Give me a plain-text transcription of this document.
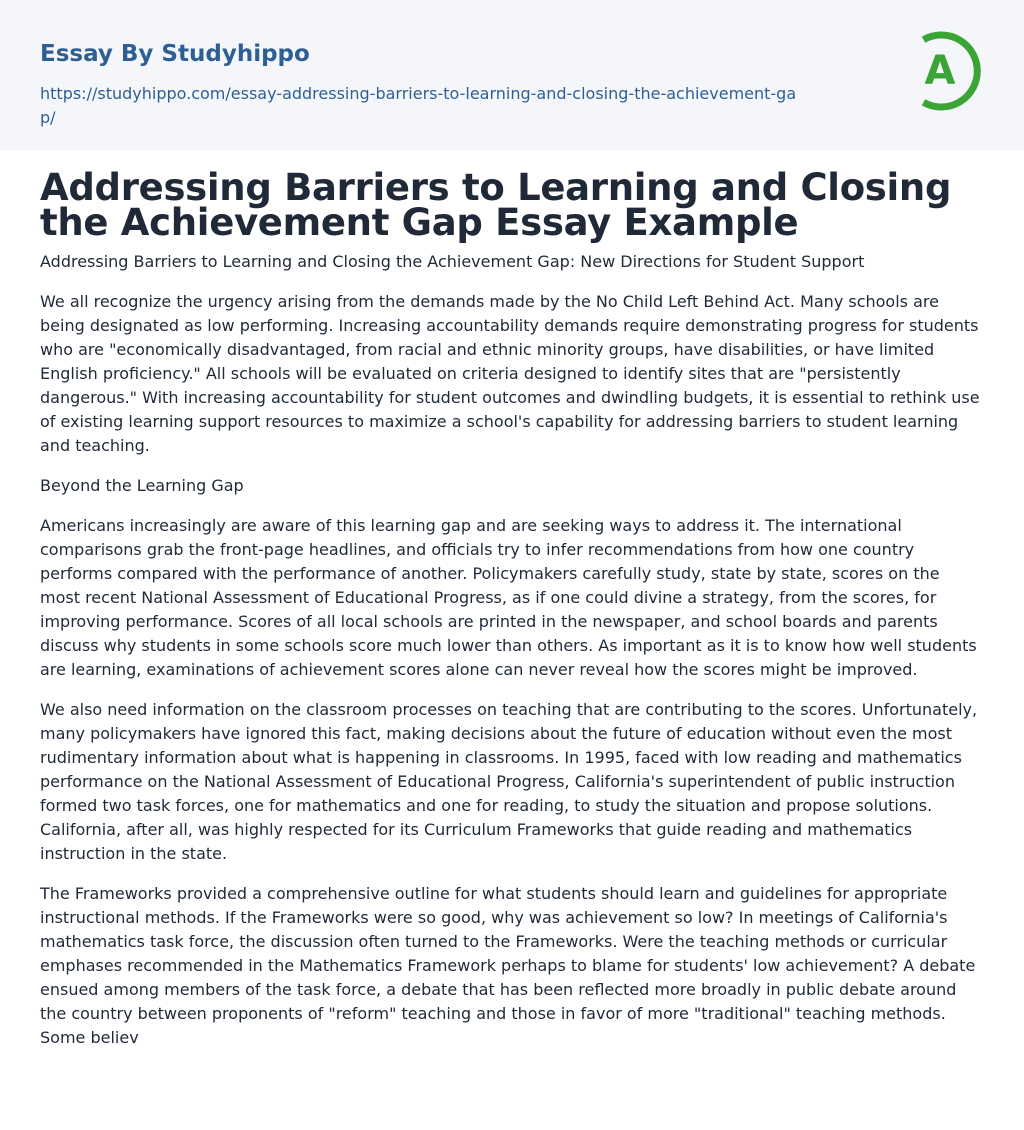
Essay By Studyhippo
https://studyhippo.com/essay-addressing-barriers-to-learning-and-closing-the-achievement-gap/
A
Addressing Barriers to Learning and Closing the Achievement Gap Essay Example
Addressing Barriers to Learning and Closing the Achievement Gap: New Directions for Student Support

We all recognize the urgency arising from the demands made by the No Child Left Behind Act. Many schools are being designated as low performing. Increasing accountability demands require demonstrating progress for students who are "economically disadvantaged, from racial and ethnic minority groups, have disabilities, or have limited English proficiency." All schools will be evaluated on criteria designed to identify sites that are "persistently dangerous." With increasing accountability for student outcomes and dwindling budgets, it is essential to rethink use of existing learning support resources to maximize a school's capability for addressing barriers to student learning and teaching.

Beyond the Learning Gap

Americans increasingly are aware of this learning gap and are seeking ways to address it. The international comparisons grab the front-page headlines, and officials try to infer recommendations from how one country performs compared with the performance of another. Policymakers carefully study, state by state, scores on the most recent National Assessment of Educational Progress, as if one could divine a strategy, from the scores, for improving performance. Scores of all local schools are printed in the newspaper, and school boards and parents discuss why students in some schools score much lower than others. As important as it is to know how well students are learning, examinations of achievement scores alone can never reveal how the scores might be improved.

We also need information on the classroom processes on teaching that are contributing to the scores. Unfortunately, many policymakers have ignored this fact, making decisions about the future of education without even the most rudimentary information about what is happening in classrooms. In 1995, faced with low reading and mathematics performance on the National Assessment of Educational Progress, California's superintendent of public instruction formed two task forces, one for mathematics and one for reading, to study the situation and propose solutions. California, after all, was highly respected for its Curriculum Frameworks that guide reading and mathematics instruction in the state.

The Frameworks provided a comprehensive outline for what students should learn and guidelines for appropriate instructional methods. If the Frameworks were so good, why was achievement so low? In meetings of California's mathematics task force, the discussion often turned to the Frameworks. Were the teaching methods or curricular emphases recommended in the Mathematics Framework perhaps to blame for students' low achievement? A debate ensued among members of the task force, a debate that has been reflected more broadly in public debate around the country between proponents of "reform" teaching and those in favor of more "traditional" teaching methods. Some believ
